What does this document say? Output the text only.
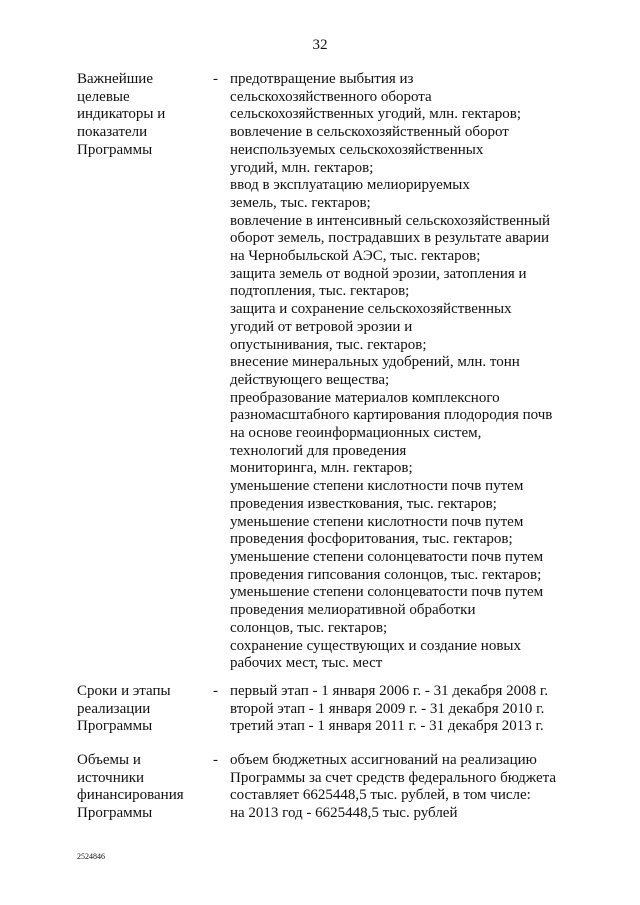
32
Важнейшие
целевые
индикаторы и
показатели
Программы
- предотвращение выбытия из
сельскохозяйственного оборота
сельскохозяйственных угодий, млн. гектаров;
вовлечение в сельскохозяйственный оборот
неиспользуемых сельскохозяйственных
угодий, млн. гектаров;
ввод в эксплуатацию мелиорируемых
земель, тыс. гектаров;
вовлечение в интенсивный сельскохозяйственный
оборот земель, пострадавших в результате аварии
на Чернобыльской АЭС, тыс. гектаров;
защита земель от водной эрозии, затопления и
подтопления, тыс. гектаров;
защита и сохранение сельскохозяйственных
угодий от ветровой эрозии и
опустынивания, тыс. гектаров;
внесение минеральных удобрений, млн. тонн
действующего вещества;
преобразование материалов комплексного
разномасштабного картирования плодородия почв
на основе геоинформационных систем,
технологий для проведения
мониторинга, млн. гектаров;
уменьшение степени кислотности почв путем
проведения известкования, тыс. гектаров;
уменьшение степени кислотности почв путем
проведения фосфоритования, тыс. гектаров;
уменьшение степени солонцеватости почв путем
проведения гипсования солонцов, тыс. гектаров;
уменьшение степени солонцеватости почв путем
проведения мелиоративной обработки
солонцов, тыс. гектаров;
сохранение существующих и создание новых
рабочих мест, тыс. мест
Сроки и этапы
реализации
Программы
- первый этап - 1 января 2006 г. - 31 декабря 2008 г.
второй этап - 1 января 2009 г. - 31 декабря 2010 г.
третий этап - 1 января 2011 г. - 31 декабря 2013 г.
Объемы и
источники
финансирования
Программы
- объем бюджетных ассигнований на реализацию
Программы за счет средств федерального бюджета
составляет 6625448,5 тыс. рублей, в том числе:
на 2013 год - 6625448,5 тыс. рублей
2524846
